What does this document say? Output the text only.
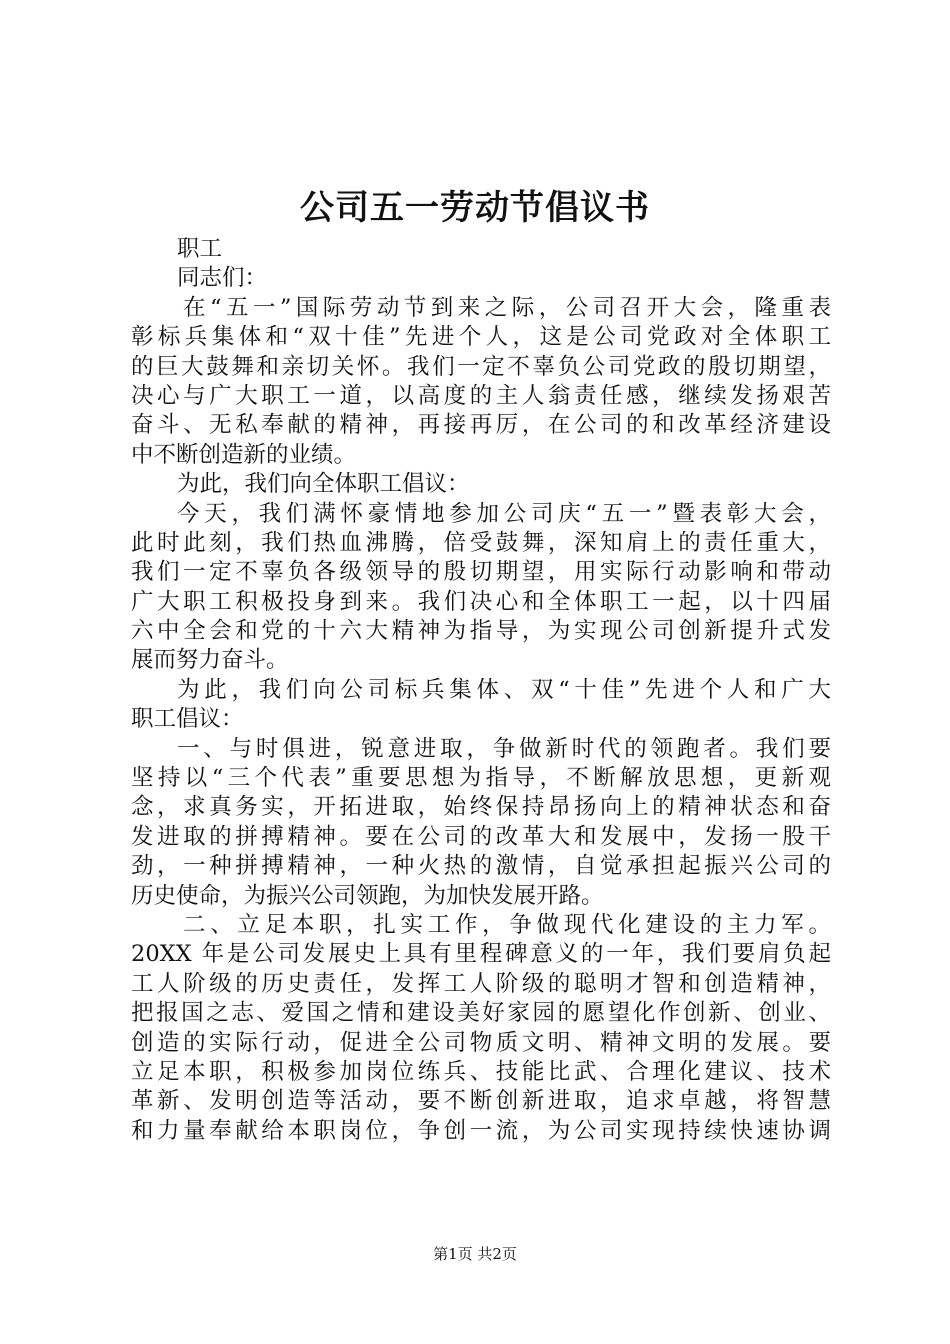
公司五一劳动节倡议书
职工
同志们：
在“五一”国际劳动节到来之际，公司召开大会，隆重表
彰标兵集体和“双十佳”先进个人，这是公司党政对全体职工
的巨大鼓舞和亲切关怀。我们一定不辜负公司党政的殷切期望，
决心与广大职工一道，以高度的主人翁责任感，继续发扬艰苦
奋斗、无私奉献的精神，再接再厉，在公司的和改革经济建设
中不断创造新的业绩。
为此，我们向全体职工倡议：
今天，我们满怀豪情地参加公司庆“五一”暨表彰大会，
此时此刻，我们热血沸腾，倍受鼓舞，深知肩上的责任重大，
我们一定不辜负各级领导的殷切期望，用实际行动影响和带动
广大职工积极投身到来。我们决心和全体职工一起，以十四届
六中全会和党的十六大精神为指导，为实现公司创新提升式发
展而努力奋斗。
为此，我们向公司标兵集体、双“十佳”先进个人和广大
职工倡议：
一、与时俱进，锐意进取，争做新时代的领跑者。我们要
坚持以“三个代表”重要思想为指导，不断解放思想，更新观
念，求真务实，开拓进取，始终保持昂扬向上的精神状态和奋
发进取的拼搏精神。要在公司的改革大和发展中，发扬一股干
劲，一种拼搏精神，一种火热的激情，自觉承担起振兴公司的
历史使命，为振兴公司领跑，为加快发展开路。
二、立足本职，扎实工作，争做现代化建设的主力军。
20XX 年是公司发展史上具有里程碑意义的一年，我们要肩负起
工人阶级的历史责任，发挥工人阶级的聪明才智和创造精神，
把报国之志、爱国之情和建设美好家园的愿望化作创新、创业、
创造的实际行动，促进全公司物质文明、精神文明的发展。要
立足本职，积极参加岗位练兵、技能比武、合理化建议、技术
革新、发明创造等活动，要不断创新进取，追求卓越，将智慧
和力量奉献给本职岗位，争创一流，为公司实现持续快速协调
第1页 共2页
